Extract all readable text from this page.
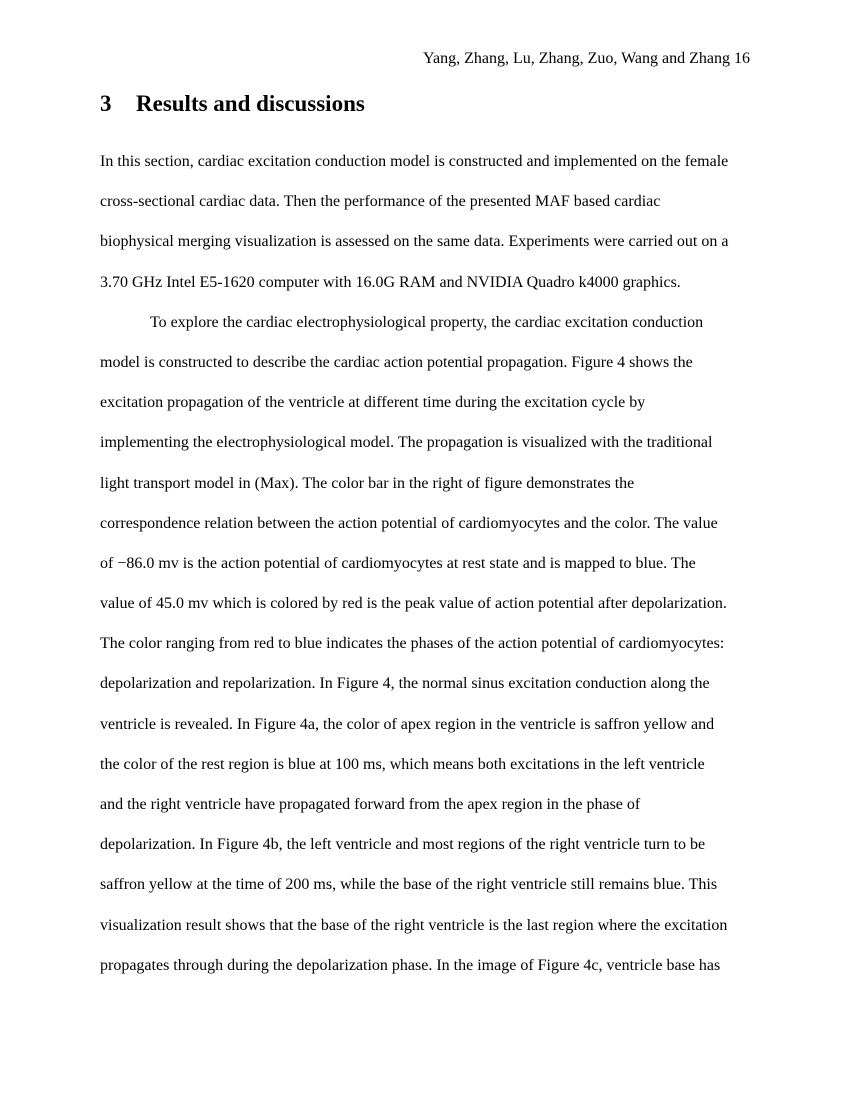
Yang, Zhang, Lu, Zhang, Zuo, Wang and Zhang 16
3 Results and discussions
In this section, cardiac excitation conduction model is constructed and implemented on the female
cross-sectional cardiac data. Then the performance of the presented MAF based cardiac
biophysical merging visualization is assessed on the same data. Experiments were carried out on a
3.70 GHz Intel E5-1620 computer with 16.0G RAM and NVIDIA Quadro k4000 graphics.
To explore the cardiac electrophysiological property, the cardiac excitation conduction
model is constructed to describe the cardiac action potential propagation. Figure 4 shows the
excitation propagation of the ventricle at different time during the excitation cycle by
implementing the electrophysiological model. The propagation is visualized with the traditional
light transport model in (Max). The color bar in the right of figure demonstrates the
correspondence relation between the action potential of cardiomyocytes and the color. The value
of −86.0 mv is the action potential of cardiomyocytes at rest state and is mapped to blue. The
value of 45.0 mv which is colored by red is the peak value of action potential after depolarization.
The color ranging from red to blue indicates the phases of the action potential of cardiomyocytes:
depolarization and repolarization. In Figure 4, the normal sinus excitation conduction along the
ventricle is revealed. In Figure 4a, the color of apex region in the ventricle is saffron yellow and
the color of the rest region is blue at 100 ms, which means both excitations in the left ventricle
and the right ventricle have propagated forward from the apex region in the phase of
depolarization. In Figure 4b, the left ventricle and most regions of the right ventricle turn to be
saffron yellow at the time of 200 ms, while the base of the right ventricle still remains blue. This
visualization result shows that the base of the right ventricle is the last region where the excitation
propagates through during the depolarization phase. In the image of Figure 4c, ventricle base has
